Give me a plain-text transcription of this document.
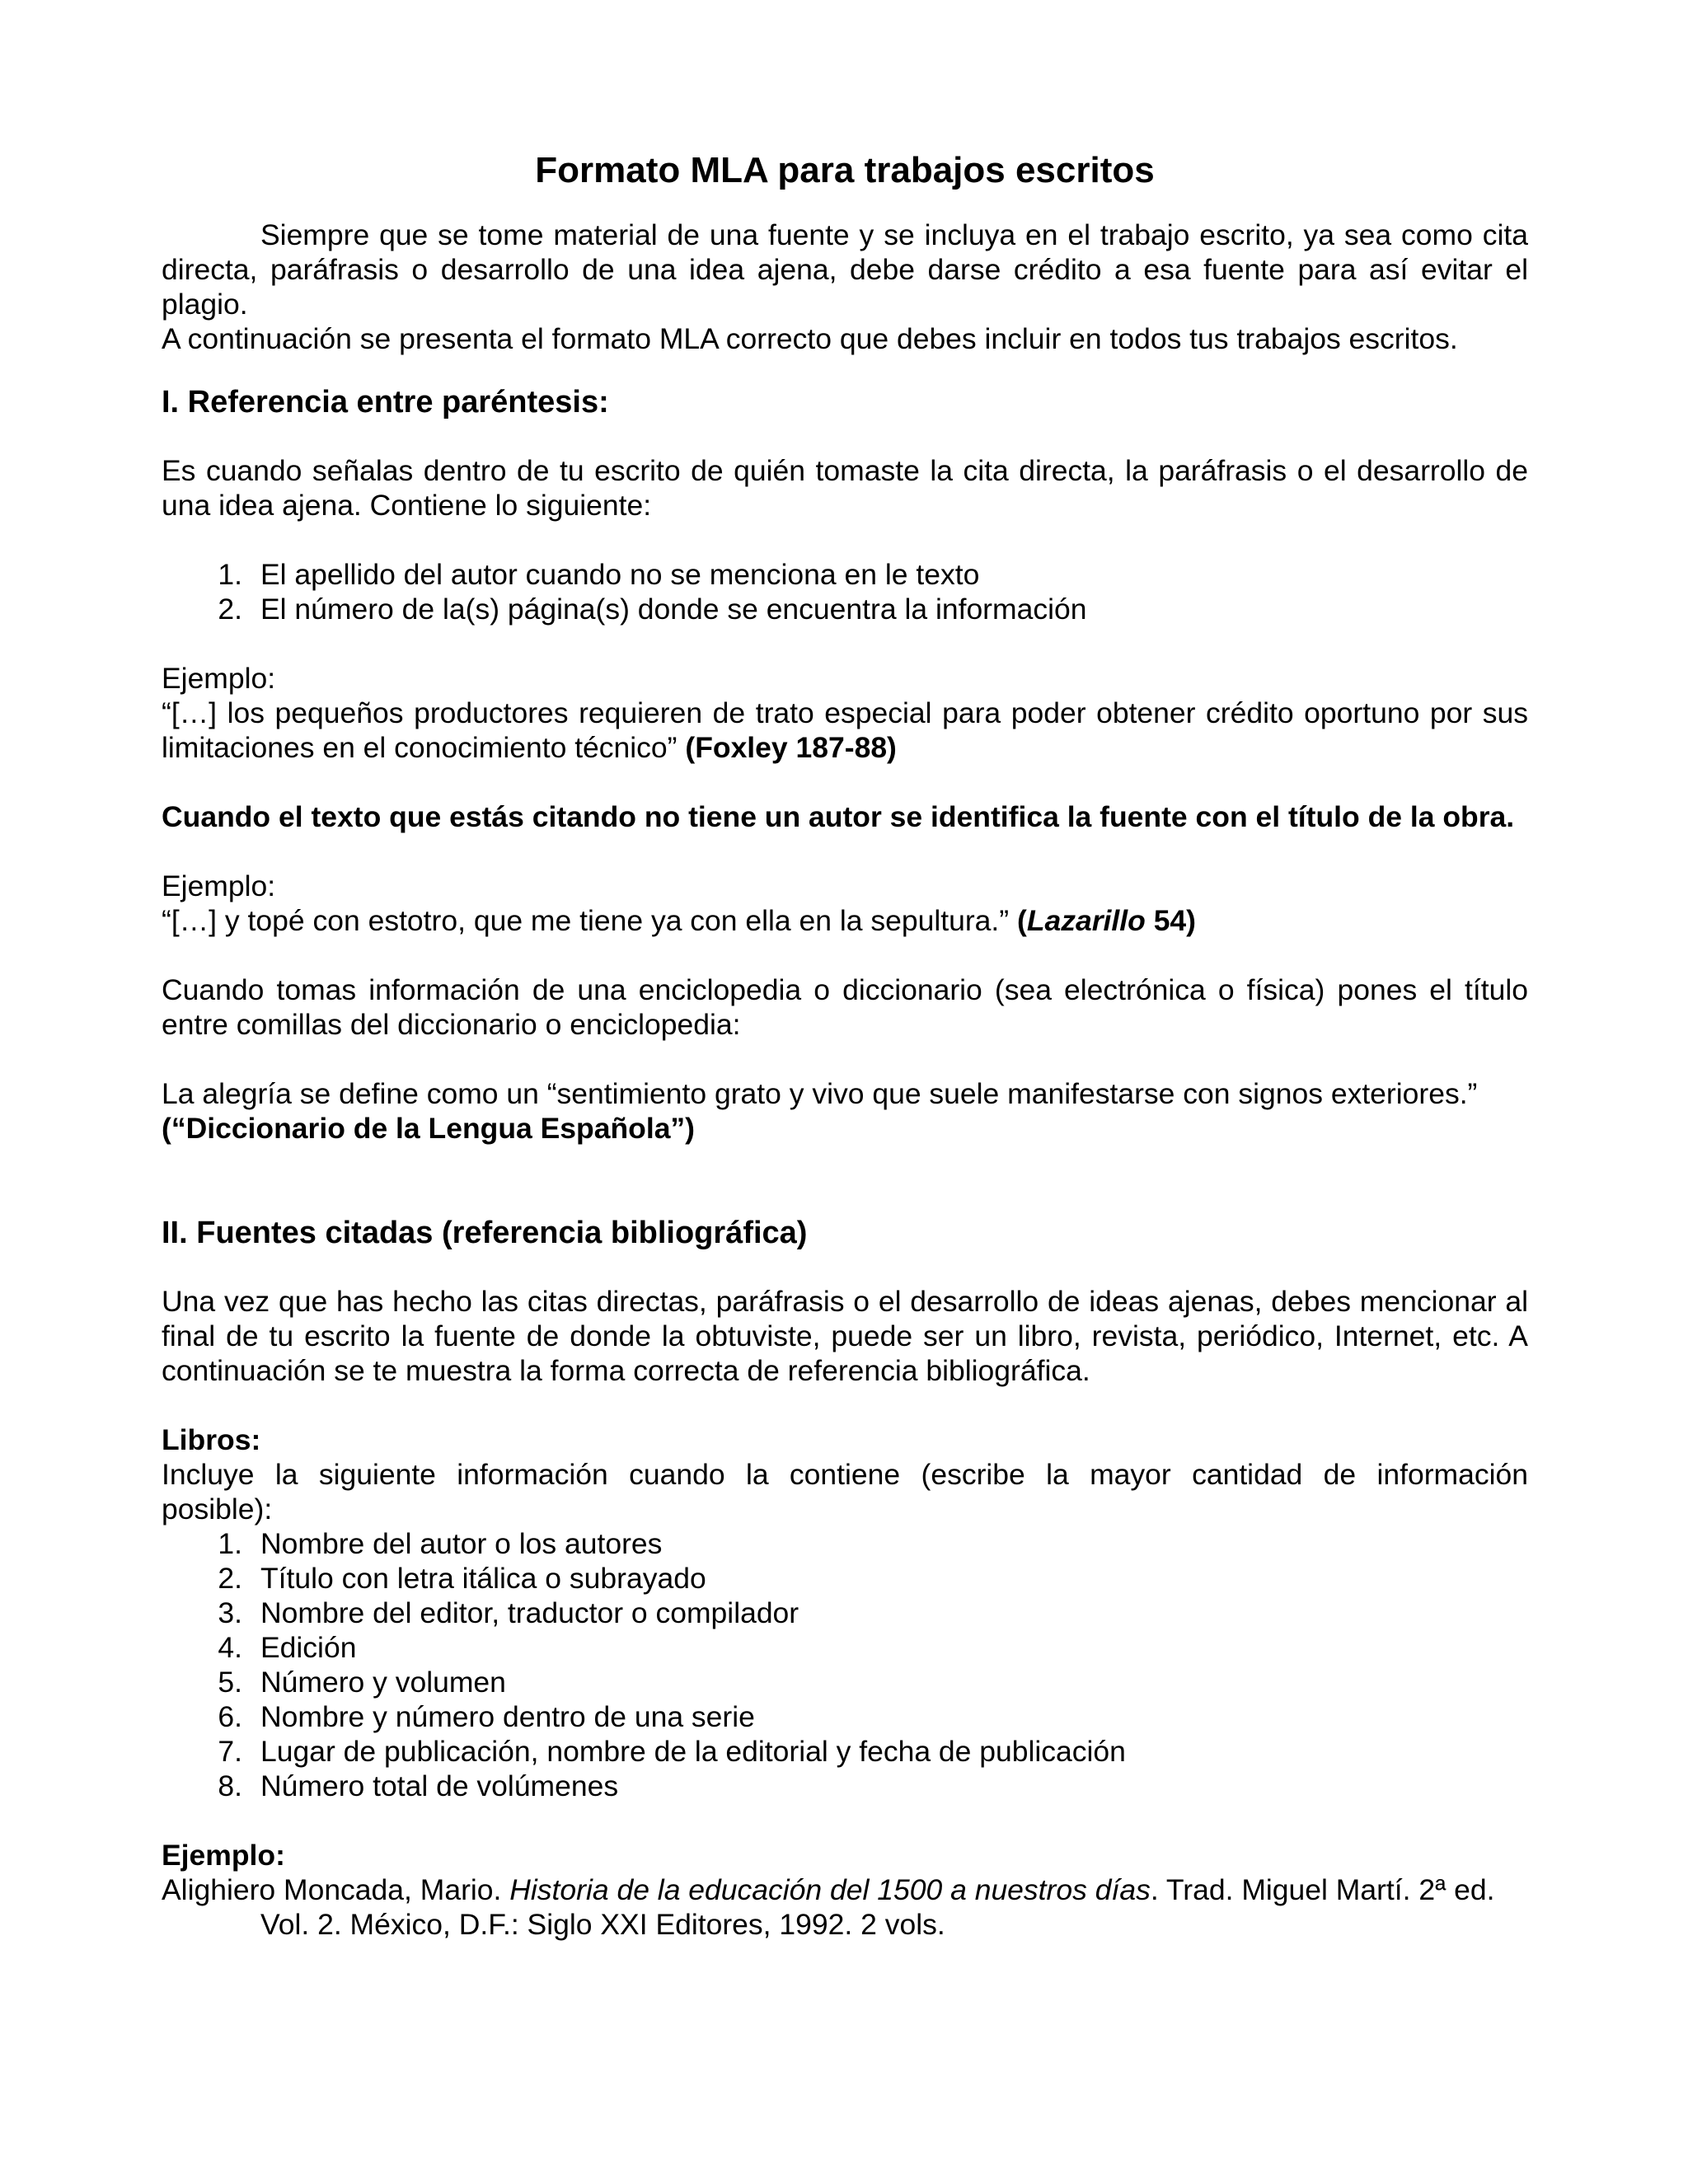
Formato MLA para trabajos escritos

Siempre que se tome material de una fuente y se incluya en el trabajo escrito, ya sea como cita directa, paráfrasis o desarrollo de una idea ajena, debe darse crédito a esa fuente para así evitar el plagio.

A continuación se presenta el formato MLA correcto que debes incluir en todos tus trabajos escritos.

I. Referencia entre paréntesis:

Es cuando señalas dentro de tu escrito de quién tomaste la cita directa, la paráfrasis o el desarrollo de una idea ajena. Contiene lo siguiente:

1. El apellido del autor cuando no se menciona en le texto
2. El número de la(s) página(s) donde se encuentra la información

Ejemplo:

“[…] los pequeños productores requieren de trato especial para poder obtener crédito oportuno por sus limitaciones en el conocimiento técnico” (Foxley 187-88)

Cuando el texto que estás citando no tiene un autor se identifica la fuente con el título de la obra.

Ejemplo:

“[…] y topé con estotro, que me tiene ya con ella en la sepultura.” (Lazarillo 54)

Cuando tomas información de una enciclopedia o diccionario (sea electrónica o física) pones el título entre comillas del diccionario o enciclopedia:

La alegría se define como un “sentimiento grato y vivo que suele manifestarse con signos exteriores.”

(“Diccionario de la Lengua Española”)

II. Fuentes citadas (referencia bibliográfica)

Una vez que has hecho las citas directas, paráfrasis o el desarrollo de ideas ajenas, debes mencionar al final de tu escrito la fuente de donde la obtuviste, puede ser un libro, revista, periódico, Internet, etc. A continuación se te muestra la forma correcta de referencia bibliográfica.

Libros:

Incluye la siguiente información cuando la contiene (escribe la mayor cantidad de información

posible):

1. Nombre del autor o los autores
2. Título con letra itálica o subrayado
3. Nombre del editor, traductor o compilador
4. Edición
5. Número y volumen
6. Nombre y número dentro de una serie
7. Lugar de publicación, nombre de la editorial y fecha de publicación
8. Número total de volúmenes

Ejemplo:

Alighiero Moncada, Mario. Historia de la educación del 1500 a nuestros días. Trad. Miguel Martí. 2ª ed. Vol. 2. México, D.F.: Siglo XXI Editores, 1992. 2 vols.
